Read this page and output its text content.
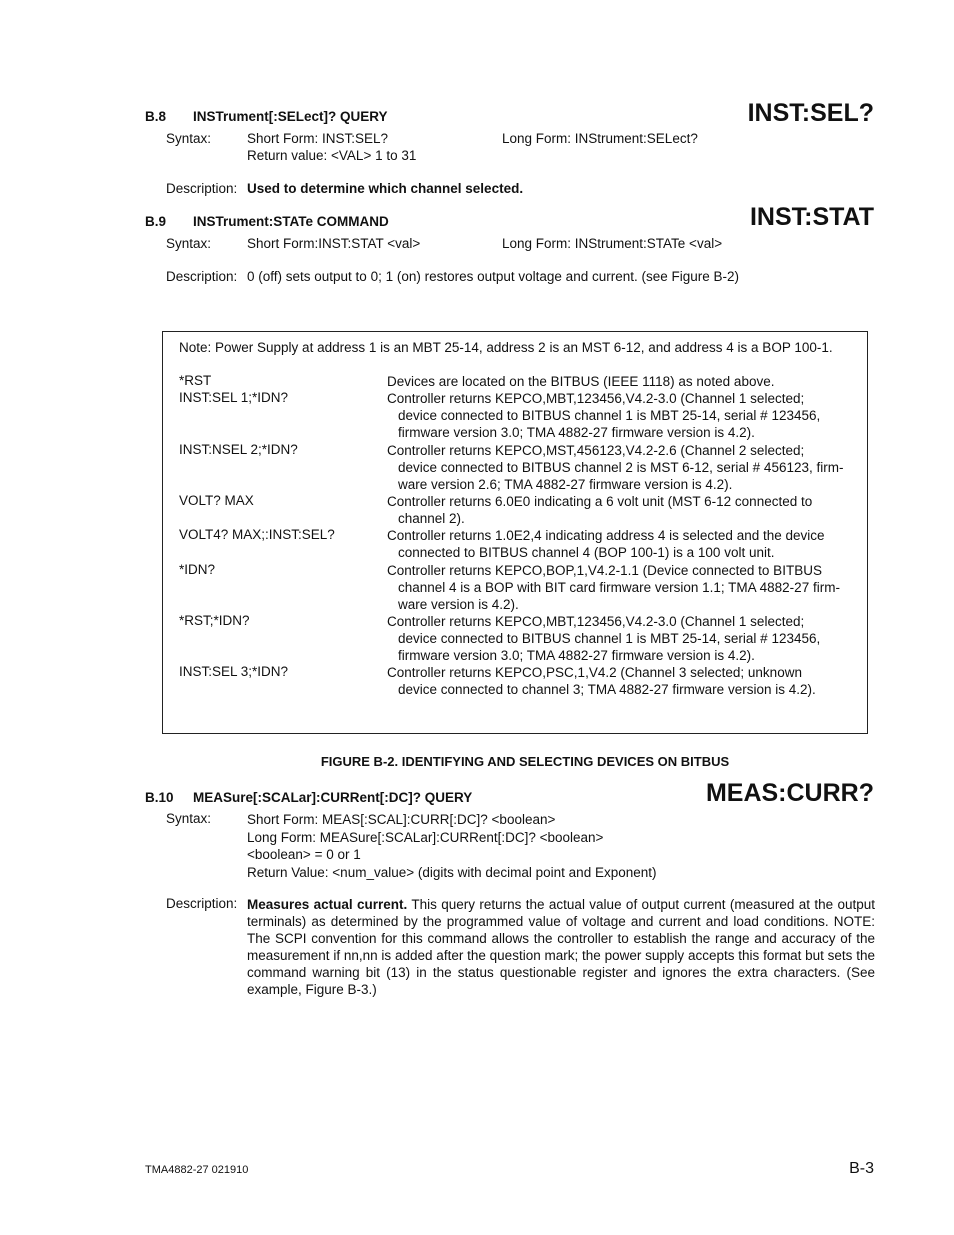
B.8 INSTrument[:SELect]? QUERY	INST:SEL?
Syntax:	Short Form: INST:SEL?	Long Form: INStrument:SELect?
Return value: <VAL> 1 to 31
Description: Used to determine which channel selected.
B.9 INSTrument:STATe COMMAND	INST:STAT
Syntax:	Short Form:INST:STAT <val>	Long Form: INStrument:STATe <val>
Description: 0 (off) sets output to 0; 1 (on) restores output voltage and current. (see Figure B-2)
Note: Power Supply at address 1 is an MBT 25-14, address 2 is an MST 6-12, and address 4 is a BOP 100-1.
*RST	Devices are located on the BITBUS (IEEE 1118) as noted above.
INST:SEL 1;*IDN?	Controller returns KEPCO,MBT,123456,V4.2-3.0 (Channel 1 selected;
device connected to BITBUS channel 1 is MBT 25-14, serial # 123456,
firmware version 3.0; TMA 4882-27 firmware version is 4.2).
INST:NSEL 2;*IDN?	Controller returns KEPCO,MST,456123,V4.2-2.6 (Channel 2 selected;
device connected to BITBUS channel 2 is MST 6-12, serial # 456123, firm-
ware version 2.6; TMA 4882-27 firmware version is 4.2).
VOLT? MAX	Controller returns 6.0E0 indicating a 6 volt unit (MST 6-12 connected to
channel 2).
VOLT4? MAX;:INST:SEL?	Controller returns 1.0E2,4 indicating address 4 is selected and the device
connected to BITBUS channel 4 (BOP 100-1) is a 100 volt unit.
*IDN?	Controller returns KEPCO,BOP,1,V4.2-1.1 (Device connected to BITBUS
channel 4 is a BOP with BIT card firmware version 1.1; TMA 4882-27 firm-
ware version is 4.2).
*RST;*IDN?	Controller returns KEPCO,MBT,123456,V4.2-3.0 (Channel 1 selected;
device connected to BITBUS channel 1 is MBT 25-14, serial # 123456,
firmware version 3.0; TMA 4882-27 firmware version is 4.2).
INST:SEL 3;*IDN?	Controller returns KEPCO,PSC,1,V4.2 (Channel 3 selected; unknown
device connected to channel 3; TMA 4882-27 firmware version is 4.2).
FIGURE B-2. IDENTIFYING AND SELECTING DEVICES ON BITBUS
B.10 MEASure[:SCALar]:CURRent[:DC]? QUERY	MEAS:CURR?
Syntax:	Short Form: MEAS[:SCAL]:CURR[:DC]? <boolean>
Long Form: MEASure[:SCALar]:CURRent[:DC]? <boolean>
<boolean> = 0 or 1
Return Value: <num_value> (digits with decimal point and Exponent)
Description: Measures actual current. This query returns the actual value of output current (measured at the output terminals) as determined by the programmed value of voltage and current and load conditions. NOTE: The SCPI convention for this command allows the controller to establish the range and accuracy of the measurement if nn,nn is added after the question mark; the power supply accepts this format but sets the command warning bit (13) in the status questionable register and ignores the extra characters. (See example, Figure B-3.)
TMA4882-27 021910	B-3
